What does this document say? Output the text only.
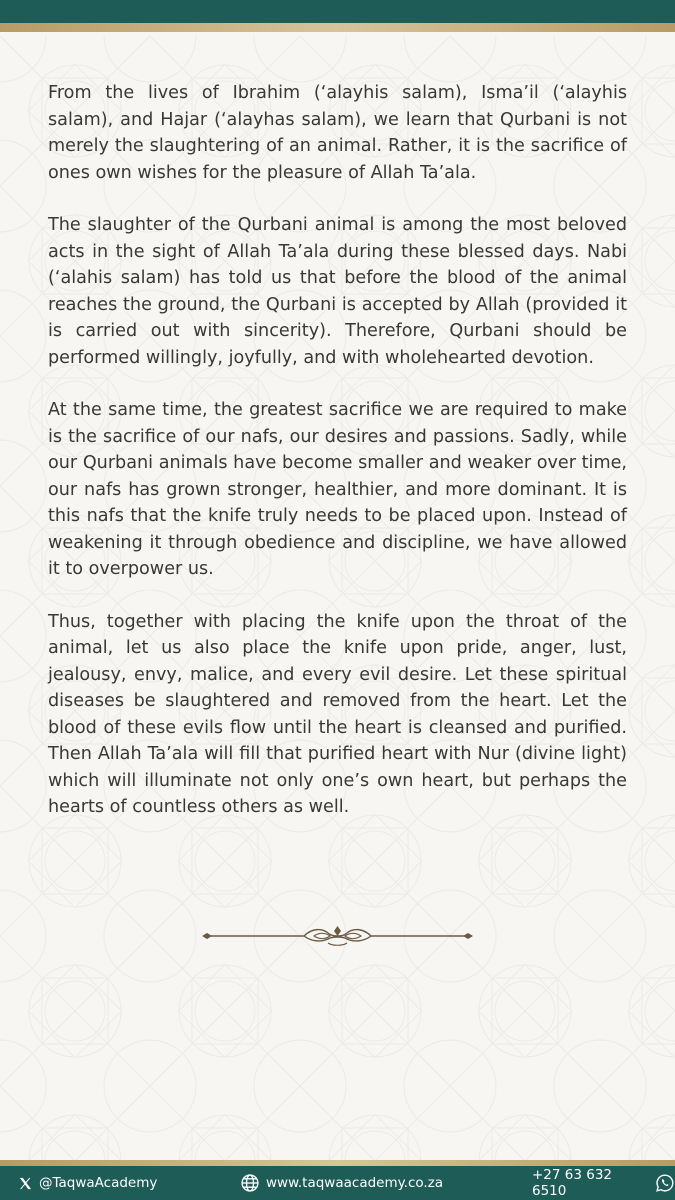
From the lives of Ibrahim (‘alayhis salam), Isma’il (‘alayhis salam), and Hajar (‘alayhas salam), we learn that Qurbani is not merely the slaughtering of an animal. Rather, it is the sacrifice of ones own wishes for the pleasure of Allah Ta’ala.

The slaughter of the Qurbani animal is among the most beloved acts in the sight of Allah Ta’ala during these blessed days. Nabi (‘alahis salam) has told us that before the blood of the animal reaches the ground, the Qurbani is accepted by Allah (provided it is carried out with sincerity). Therefore, Qurbani should be performed willingly, joyfully, and with wholehearted devotion.

At the same time, the greatest sacrifice we are required to make is the sacrifice of our nafs, our desires and passions. Sadly, while our Qurbani animals have become smaller and weaker over time, our nafs has grown stronger, healthier, and more dominant. It is this nafs that the knife truly needs to be placed upon. Instead of weakening it through obedience and discipline, we have allowed it to overpower us.

Thus, together with placing the knife upon the throat of the animal, let us also place the knife upon pride, anger, lust, jealousy, envy, malice, and every evil desire. Let these spiritual diseases be slaughtered and removed from the heart. Let the blood of these evils flow until the heart is cleansed and purified. Then Allah Ta’ala will fill that purified heart with Nur (divine light) which will illuminate not only one’s own heart, but perhaps the hearts of countless others as well.

@TaqwaAcademy	www.taqwaacademy.co.za	+27 63 632 6510
